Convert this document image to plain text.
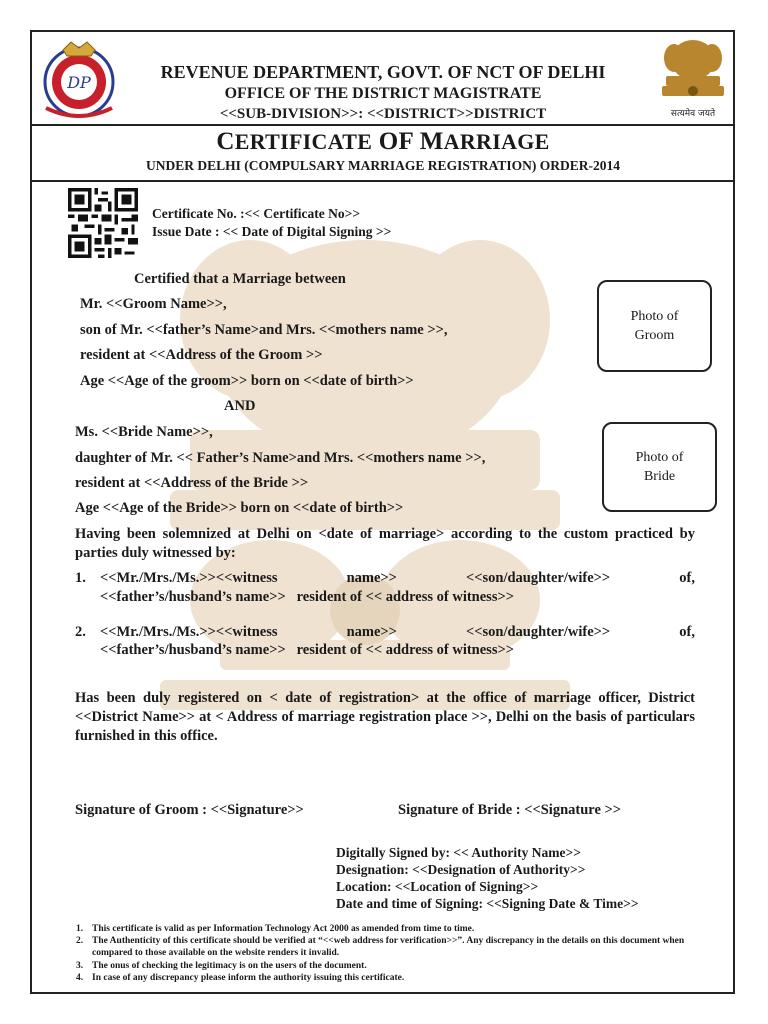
DP
सत्यमेव जयते
REVENUE DEPARTMENT, GOVT. OF NCT OF DELHI
OFFICE OF THE DISTRICT MAGISTRATE
<<SUB-DIVISION>>: <<DISTRICT>>DISTRICT
CERTIFICATE OF MARRIAGE
UNDER DELHI (COMPULSARY MARRIAGE REGISTRATION) ORDER-2014
Certificate No. :<< Certificate No>>
Issue Date : << Date of Digital Signing >>
Certified that a Marriage between
Mr. <<Groom Name>>,
son of Mr. <<father’s Name>and Mrs. <<mothers name >>,
resident at <<Address of the Groom >>
Age <<Age of the groom>> born on <<date of birth>>
AND
Ms. <<Bride Name>>,
daughter of Mr. << Father’s Name>and Mrs. <<mothers name >>,
resident at <<Address of the Bride >>
Age <<Age of the Bride>> born on <<date of birth>>
Photo of
Groom
Photo of
Bride
Having been solemnized at Delhi on <date of marriage> according to the custom practiced by parties duly witnessed by:
1. <<Mr./Mrs./Ms.>><<witness	name>>	<<son/daughter/wife>>	of,
<<father’s/husband’s name>>   resident of << address of witness>>
2. <<Mr./Mrs./Ms.>><<witness	name>>	<<son/daughter/wife>>	of,
<<father’s/husband’s name>>   resident of << address of witness>>
Has been duly registered on < date of registration> at the office of marriage officer, District <<District Name>> at < Address of marriage registration place >>, Delhi on the basis of particulars furnished in this office.
Signature of Groom : <<Signature>>	Signature of Bride : <<Signature >>
Digitally Signed by: << Authority Name>>
Designation: <<Designation of Authority>>
Location: <<Location of Signing>>
Date and time of Signing: <<Signing Date & Time>>
1. This certificate is valid as per Information Technology Act 2000 as amended from time to time.
2. The Authenticity of this certificate should be verified at “<<web address for verification>>”. Any discrepancy in the details on this document when compared to those available on the website renders it invalid.
3. The onus of checking the legitimacy is on the users of the document.
4. In case of any discrepancy please inform the authority issuing this certificate.
